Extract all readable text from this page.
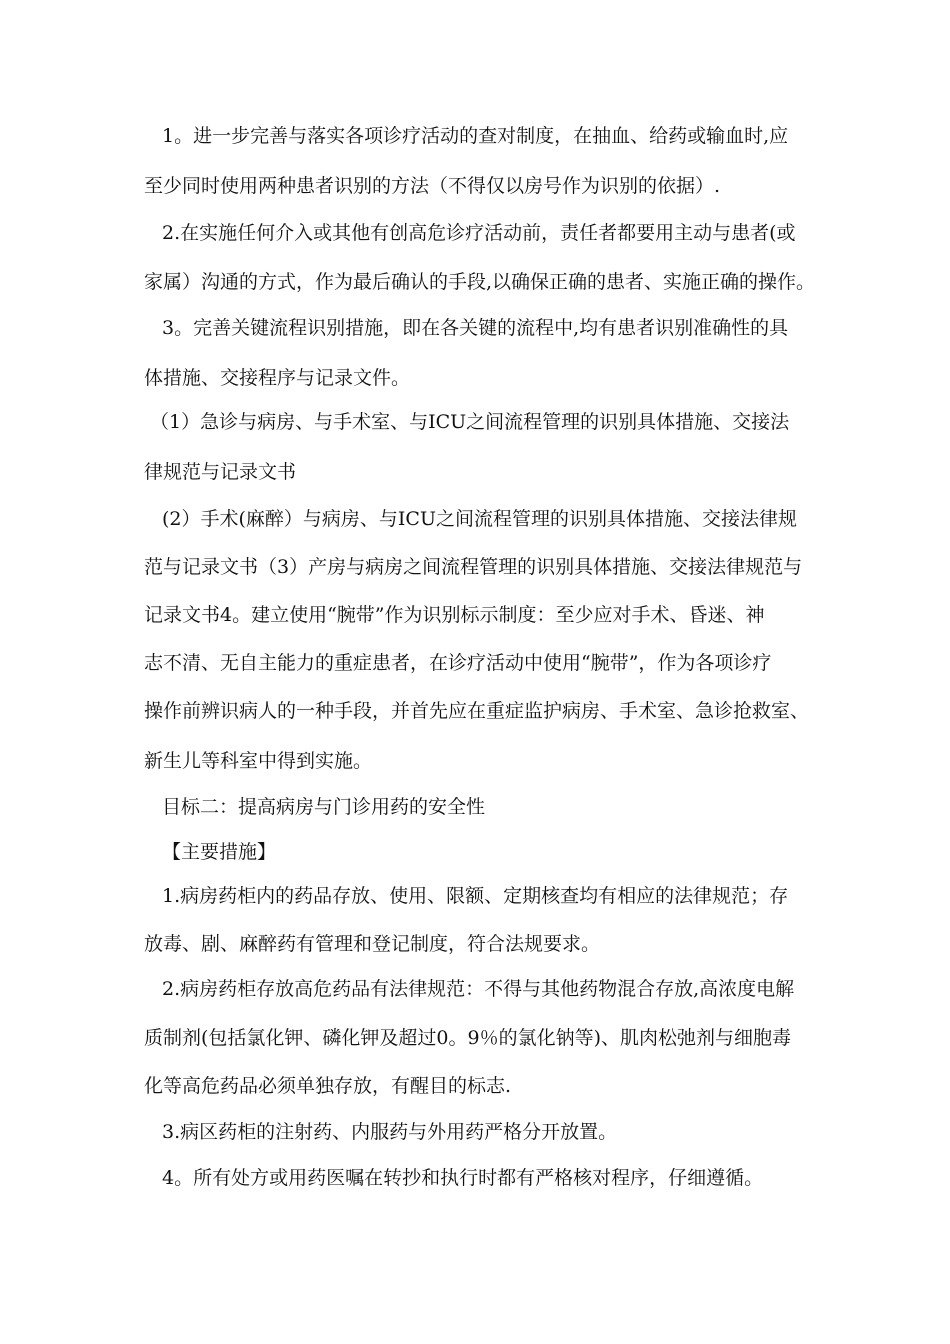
1。进一步完善与落实各项诊疗活动的查对制度，在抽血、给药或输血时,应
至少同时使用两种患者识别的方法（不得仅以房号作为识别的依据）.
2.在实施任何介入或其他有创高危诊疗活动前，责任者都要用主动与患者(或
家属）沟通的方式，作为最后确认的手段,以确保正确的患者、实施正确的操作。
3。完善关键流程识别措施，即在各关键的流程中,均有患者识别准确性的具
体措施、交接程序与记录文件。
（1）急诊与病房、与手术室、与ICU之间流程管理的识别具体措施、交接法
律规范与记录文书
(2）手术(麻醉）与病房、与ICU之间流程管理的识别具体措施、交接法律规
范与记录文书（3）产房与病房之间流程管理的识别具体措施、交接法律规范与
记录文书4。建立使用“腕带”作为识别标示制度：至少应对手术、昏迷、神
志不清、无自主能力的重症患者，在诊疗活动中使用“腕带”，作为各项诊疗
操作前辨识病人的一种手段，并首先应在重症监护病房、手术室、急诊抢救室、
新生儿等科室中得到实施。
目标二：提高病房与门诊用药的安全性
【主要措施】
1.病房药柜内的药品存放、使用、限额、定期核查均有相应的法律规范；存
放毒、剧、麻醉药有管理和登记制度，符合法规要求。
2.病房药柜存放高危药品有法律规范：不得与其他药物混合存放,高浓度电解
质制剂(包括氯化钾、磷化钾及超过0。9％的氯化钠等)、肌肉松弛剂与细胞毒
化等高危药品必须单独存放，有醒目的标志.
3.病区药柜的注射药、内服药与外用药严格分开放置。
4。所有处方或用药医嘱在转抄和执行时都有严格核对程序，仔细遵循。
